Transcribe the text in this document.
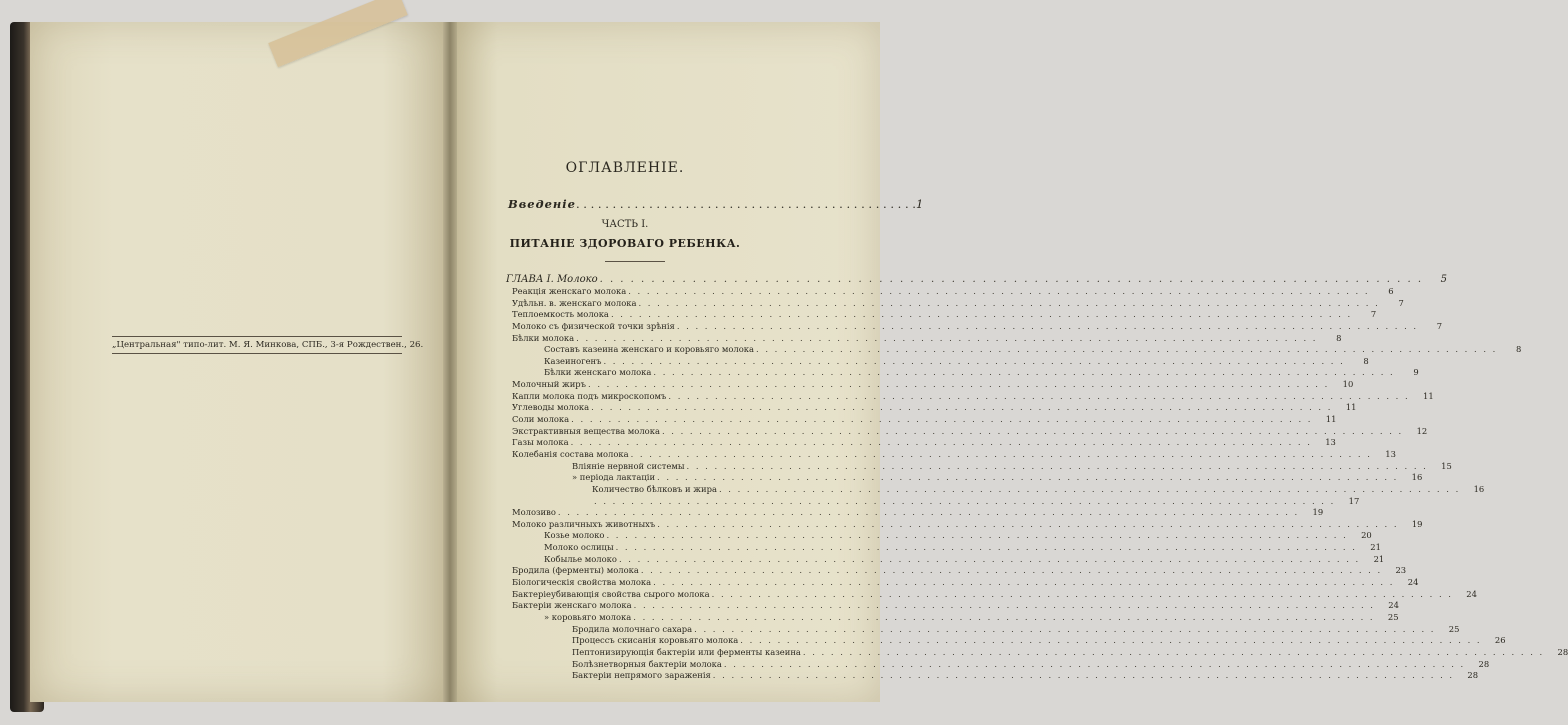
„Центральная" типо-лит. М. Я. Минкова, СПБ., 3-я Рождествен., 26.
ОГЛАВЛЕНIЕ.
Введенiе . . . . . . . . . . . . . . . . . . . . . . . . . . . . . . . . . . . . . . . . . . . . . . . 1
ЧАСТЬ I.
ПИТАНIЕ ЗДОРОВАГО РЕБЕНКА.
ГЛАВА I. Молоко . . . . . . . . . . . . . . . . . . . . . . . . . . . . . . . . . . . . . . . . . . . . . . . . . . . . . . . . . . . . . . . . . . . . . . . . . . . . . . . .	5
Реакцiя женскаго молока . . . . . . . . . . . . . . . . . . . . . . . . . . . . . . . . . . . . . . . . . . . . . . . . . . . . . . . . . . . . . . . . . . . . . . . . . . . . . . . .	6
Удѣльн. в. женскаго молока . . . . . . . . . . . . . . . . . . . . . . . . . . . . . . . . . . . . . . . . . . . . . . . . . . . . . . . . . . . . . . . . . . . . . . . . . . . . . . . .	7
Теплоемкость молока . . . . . . . . . . . . . . . . . . . . . . . . . . . . . . . . . . . . . . . . . . . . . . . . . . . . . . . . . . . . . . . . . . . . . . . . . . . . . . . .	7
Молоко съ физической точки зрѣнiя . . . . . . . . . . . . . . . . . . . . . . . . . . . . . . . . . . . . . . . . . . . . . . . . . . . . . . . . . . . . . . . . . . . . . . . . . . . . . . . .	7
Бѣлки молока . . . . . . . . . . . . . . . . . . . . . . . . . . . . . . . . . . . . . . . . . . . . . . . . . . . . . . . . . . . . . . . . . . . . . . . . . . . . . . . .	8
Составъ казеина женскаго и коровьяго молока . . . . . . . . . . . . . . . . . . . . . . . . . . . . . . . . . . . . . . . . . . . . . . . . . . . . . . . . . . . . . . . . . . . . . . . . . . . . . . . .	8
Казеиногенъ . . . . . . . . . . . . . . . . . . . . . . . . . . . . . . . . . . . . . . . . . . . . . . . . . . . . . . . . . . . . . . . . . . . . . . . . . . . . . . . .	8
Бѣлки женскаго молока . . . . . . . . . . . . . . . . . . . . . . . . . . . . . . . . . . . . . . . . . . . . . . . . . . . . . . . . . . . . . . . . . . . . . . . . . . . . . . . .	9
Молочный жиръ . . . . . . . . . . . . . . . . . . . . . . . . . . . . . . . . . . . . . . . . . . . . . . . . . . . . . . . . . . . . . . . . . . . . . . . . . . . . . . . .	10
Капли молока подъ микроскопомъ . . . . . . . . . . . . . . . . . . . . . . . . . . . . . . . . . . . . . . . . . . . . . . . . . . . . . . . . . . . . . . . . . . . . . . . . . . . . . . . .	11
Углеводы молока . . . . . . . . . . . . . . . . . . . . . . . . . . . . . . . . . . . . . . . . . . . . . . . . . . . . . . . . . . . . . . . . . . . . . . . . . . . . . . . .	11
Соли молока . . . . . . . . . . . . . . . . . . . . . . . . . . . . . . . . . . . . . . . . . . . . . . . . . . . . . . . . . . . . . . . . . . . . . . . . . . . . . . . .	11
Экстрактивныя вещества молока . . . . . . . . . . . . . . . . . . . . . . . . . . . . . . . . . . . . . . . . . . . . . . . . . . . . . . . . . . . . . . . . . . . . . . . . . . . . . . . .	12
Газы молока . . . . . . . . . . . . . . . . . . . . . . . . . . . . . . . . . . . . . . . . . . . . . . . . . . . . . . . . . . . . . . . . . . . . . . . . . . . . . . . .	13
Колебанiя состава молока . . . . . . . . . . . . . . . . . . . . . . . . . . . . . . . . . . . . . . . . . . . . . . . . . . . . . . . . . . . . . . . . . . . . . . . . . . . . . . . .	13
Влiянiе нервной системы . . . . . . . . . . . . . . . . . . . . . . . . . . . . . . . . . . . . . . . . . . . . . . . . . . . . . . . . . . . . . . . . . . . . . . . . . . . . . . . .	15
» перiода лактацiи . . . . . . . . . . . . . . . . . . . . . . . . . . . . . . . . . . . . . . . . . . . . . . . . . . . . . . . . . . . . . . . . . . . . . . . . . . . . . . . .	16
Количество бѣлковъ и жира . . . . . . . . . . . . . . . . . . . . . . . . . . . . . . . . . . . . . . . . . . . . . . . . . . . . . . . . . . . . . . . . . . . . . . . . . . . . . . . .	16
. . . . . . . . . . . . . . . . . . . . . . . . . . . . . . . . . . . . . . . . . . . . . . . . . . . . . . . . . . . . . . . . . . . . . . . . . . . . . . . .	17
Молозиво . . . . . . . . . . . . . . . . . . . . . . . . . . . . . . . . . . . . . . . . . . . . . . . . . . . . . . . . . . . . . . . . . . . . . . . . . . . . . . . .	19
Молоко различныхъ животныхъ . . . . . . . . . . . . . . . . . . . . . . . . . . . . . . . . . . . . . . . . . . . . . . . . . . . . . . . . . . . . . . . . . . . . . . . . . . . . . . . .	19
Козье молоко . . . . . . . . . . . . . . . . . . . . . . . . . . . . . . . . . . . . . . . . . . . . . . . . . . . . . . . . . . . . . . . . . . . . . . . . . . . . . . . .	20
Молоко ослицы . . . . . . . . . . . . . . . . . . . . . . . . . . . . . . . . . . . . . . . . . . . . . . . . . . . . . . . . . . . . . . . . . . . . . . . . . . . . . . . .	21
Кобылье молоко . . . . . . . . . . . . . . . . . . . . . . . . . . . . . . . . . . . . . . . . . . . . . . . . . . . . . . . . . . . . . . . . . . . . . . . . . . . . . . . .	21
Бродила (ферменты) молока . . . . . . . . . . . . . . . . . . . . . . . . . . . . . . . . . . . . . . . . . . . . . . . . . . . . . . . . . . . . . . . . . . . . . . . . . . . . . . . .	23
Бiологическiя свойства молока . . . . . . . . . . . . . . . . . . . . . . . . . . . . . . . . . . . . . . . . . . . . . . . . . . . . . . . . . . . . . . . . . . . . . . . . . . . . . . . .	24
Бактерiеубивающiя свойства сырого молока . . . . . . . . . . . . . . . . . . . . . . . . . . . . . . . . . . . . . . . . . . . . . . . . . . . . . . . . . . . . . . . . . . . . . . . . . . . . . . . .	24
Бактерiи женскаго молока . . . . . . . . . . . . . . . . . . . . . . . . . . . . . . . . . . . . . . . . . . . . . . . . . . . . . . . . . . . . . . . . . . . . . . . . . . . . . . . .	24
» коровьяго молока . . . . . . . . . . . . . . . . . . . . . . . . . . . . . . . . . . . . . . . . . . . . . . . . . . . . . . . . . . . . . . . . . . . . . . . . . . . . . . . .	25
Бродила молочнаго сахара . . . . . . . . . . . . . . . . . . . . . . . . . . . . . . . . . . . . . . . . . . . . . . . . . . . . . . . . . . . . . . . . . . . . . . . . . . . . . . . .	25
Процессъ скисанiя коровьяго молока . . . . . . . . . . . . . . . . . . . . . . . . . . . . . . . . . . . . . . . . . . . . . . . . . . . . . . . . . . . . . . . . . . . . . . . . . . . . . . . .	26
Пептонизирующiя бактерiи или ферменты казеина . . . . . . . . . . . . . . . . . . . . . . . . . . . . . . . . . . . . . . . . . . . . . . . . . . . . . . . . . . . . . . . . . . . . . . . . . . . . . . . .	28
Болѣзнетворныя бактерiи молока . . . . . . . . . . . . . . . . . . . . . . . . . . . . . . . . . . . . . . . . . . . . . . . . . . . . . . . . . . . . . . . . . . . . . . . . . . . . . . . .	28
Бактерiи непрямого зараженiя . . . . . . . . . . . . . . . . . . . . . . . . . . . . . . . . . . . . . . . . . . . . . . . . . . . . . . . . . . . . . . . . . . . . . . . . . . . . . . . .	28
